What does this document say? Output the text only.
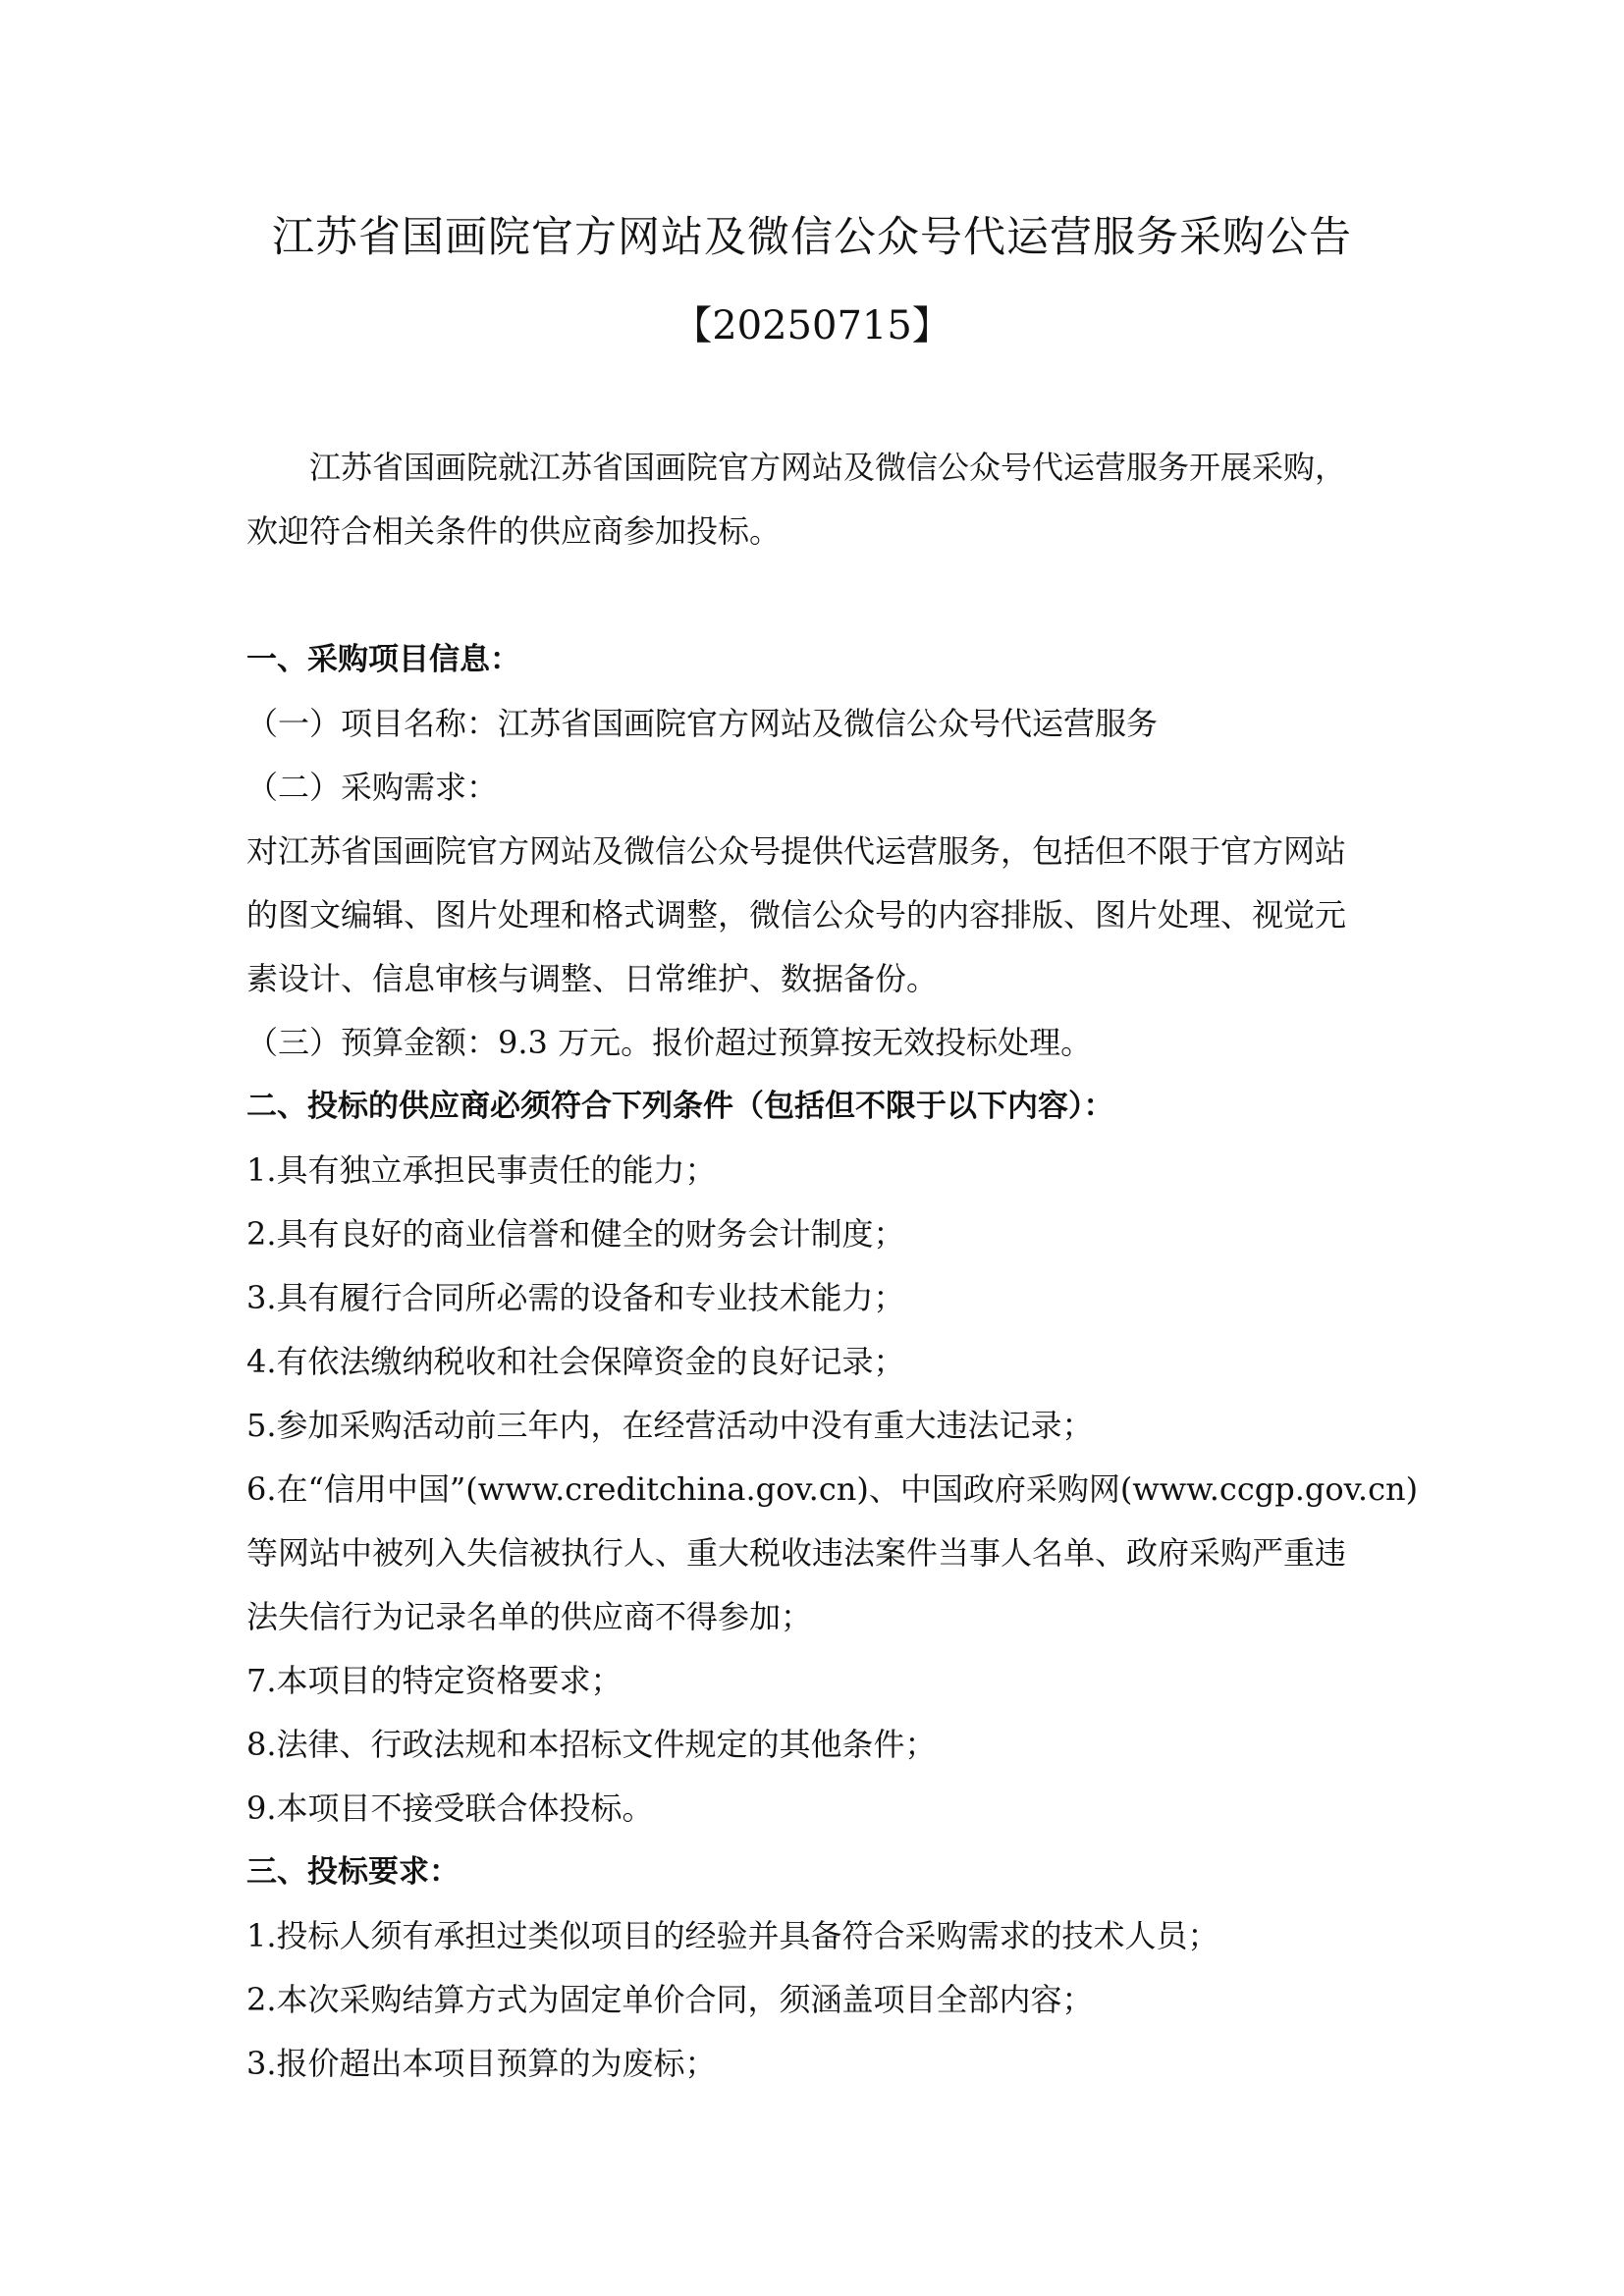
江苏省国画院官方网站及微信公众号代运营服务采购公告
【20250715】
江苏省国画院就江苏省国画院官方网站及微信公众号代运营服务开展采购，
欢迎符合相关条件的供应商参加投标。
一、采购项目信息：
（一）项目名称：江苏省国画院官方网站及微信公众号代运营服务
（二）采购需求：
对江苏省国画院官方网站及微信公众号提供代运营服务，包括但不限于官方网站
的图文编辑、图片处理和格式调整，微信公众号的内容排版、图片处理、视觉元
素设计、信息审核与调整、日常维护、数据备份。
（三）预算金额：9.3 万元。报价超过预算按无效投标处理。
二、投标的供应商必须符合下列条件（包括但不限于以下内容）：
1.具有独立承担民事责任的能力；
2.具有良好的商业信誉和健全的财务会计制度；
3.具有履行合同所必需的设备和专业技术能力；
4.有依法缴纳税收和社会保障资金的良好记录；
5.参加采购活动前三年内，在经营活动中没有重大违法记录；
6.在“信用中国”(www.creditchina.gov.cn)、中国政府采购网(www.ccgp.gov.cn)
等网站中被列入失信被执行人、重大税收违法案件当事人名单、政府采购严重违
法失信行为记录名单的供应商不得参加；
7.本项目的特定资格要求；
8.法律、行政法规和本招标文件规定的其他条件；
9.本项目不接受联合体投标。
三、投标要求：
1.投标人须有承担过类似项目的经验并具备符合采购需求的技术人员；
2.本次采购结算方式为固定单价合同，须涵盖项目全部内容；
3.报价超出本项目预算的为废标；
